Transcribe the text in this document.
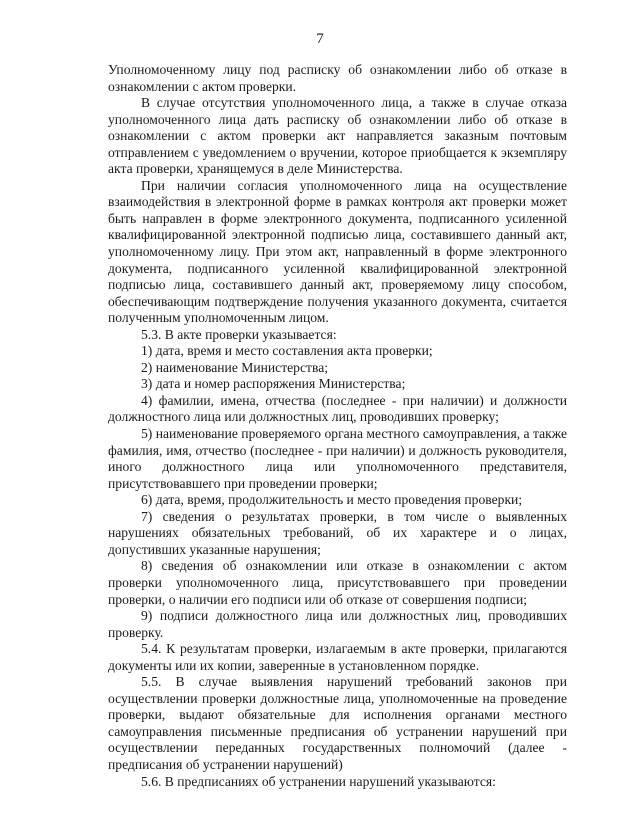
7

Уполномоченному лицу под расписку об ознакомлении либо об отказе в ознакомлении с актом проверки.

В случае отсутствия уполномоченного лица, а также в случае отказа уполномоченного лица дать расписку об ознакомлении либо об отказе в ознакомлении с актом проверки акт направляется заказным почтовым отправлением с уведомлением о вручении, которое приобщается к экземпляру акта проверки, хранящемуся в деле Министерства.

При наличии согласия уполномоченного лица на осуществление взаимодействия в электронной форме в рамках контроля акт проверки может быть направлен в форме электронного документа, подписанного усиленной квалифицированной электронной подписью лица, составившего данный акт, уполномоченному лицу. При этом акт, направленный в форме электронного документа, подписанного усиленной квалифицированной электронной подписью лица, составившего данный акт, проверяемому лицу способом, обеспечивающим подтверждение получения указанного документа, считается полученным уполномоченным лицом.

5.3. В акте проверки указывается:

1) дата, время и место составления акта проверки;

2) наименование Министерства;

3) дата и номер распоряжения Министерства;

4) фамилии, имена, отчества (последнее - при наличии) и должности должностного лица или должностных лиц, проводивших проверку;

5) наименование проверяемого органа местного самоуправления, а также фамилия, имя, отчество (последнее - при наличии) и должность руководителя, иного должностного лица или уполномоченного представителя, присутствовавшего при проведении проверки;

6) дата, время, продолжительность и место проведения проверки;

7) сведения о результатах проверки, в том числе о выявленных нарушениях обязательных требований, об их характере и о лицах, допустивших указанные нарушения;

8) сведения об ознакомлении или отказе в ознакомлении с актом проверки уполномоченного лица, присутствовавшего при проведении проверки, о наличии его подписи или об отказе от совершения подписи;

9) подписи должностного лица или должностных лиц, проводивших проверку.

5.4. К результатам проверки, излагаемым в акте проверки, прилагаются документы или их копии, заверенные в установленном порядке.

5.5. В случае выявления нарушений требований законов при осуществлении проверки должностные лица, уполномоченные на проведение проверки, выдают обязательные для исполнения органами местного самоуправления письменные предписания об устранении нарушений при осуществлении переданных государственных полномочий (далее - предписания об устранении нарушений)

5.6. В предписаниях об устранении нарушений указываются:
